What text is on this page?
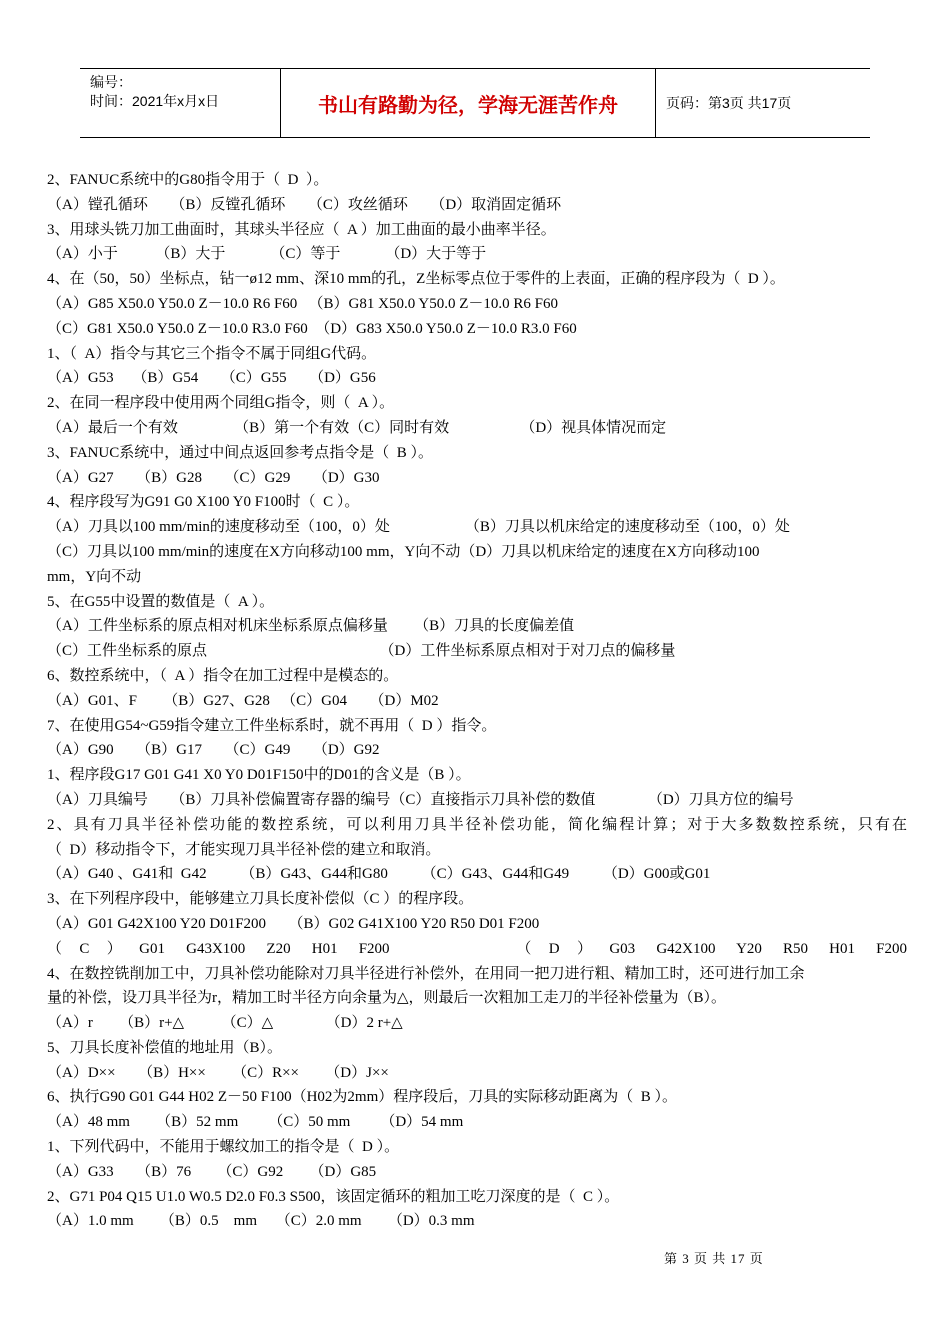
编号：
时间：2021年x月x日	书山有路勤为径，学海无涯苦作舟	页码：第3页 共17页
2、FANUC系统中的G80指令用于（  D  ）。
（A）镗孔循环      （B）反镗孔循环      （C）攻丝循环      （D）取消固定循环
3、用球头铣刀加工曲面时，其球头半径应（  A ）加工曲面的最小曲率半径。
（A）小于          （B）大于            （C）等于            （D）大于等于
4、在（50，50）坐标点，钻一ø12 mm、深10 mm的孔，Z坐标零点位于零件的上表面，正确的程序段为（  D ）。
（A）G85 X50.0 Y50.0 Z－10.0 R6 F60   （B）G81 X50.0 Y50.0 Z－10.0 R6 F60
（C）G81 X50.0 Y50.0 Z－10.0 R3.0 F60  （D）G83 X50.0 Y50.0 Z－10.0 R3.0 F60
1、（  A）指令与其它三个指令不属于同组G代码。
（A）G53     （B）G54      （C）G55      （D）G56
2、在同一程序段中使用两个同组G指令，则（  A ）。
（A）最后一个有效               （B）第一个有效（C）同时有效                   （D）视具体情况而定
3、FANUC系统中，通过中间点返回参考点指令是（  B ）。
（A）G27      （B）G28      （C）G29      （D）G30
4、程序段写为G91 G0 X100 Y0 F100时（  C ）。
（A）刀具以100 mm/min的速度移动至（100，0）处                    （B）刀具以机床给定的速度移动至（100，0）处
（C）刀具以100 mm/min的速度在X方向移动100 mm，Y向不动（D）刀具以机床给定的速度在X方向移动100
mm，Y向不动
5、在G55中设置的数值是（  A ）。
（A）工件坐标系的原点相对机床坐标系原点偏移量       （B）刀具的长度偏差值
（C）工件坐标系的原点                                              （D）工件坐标系原点相对于对刀点的偏移量
6、数控系统中，（  A ）指令在加工过程中是模态的。
（A）G01、F       （B）G27、G28   （C）G04      （D）M02
7、在使用G54~G59指令建立工件坐标系时，就不再用（  D ）指令。
（A）G90      （B）G17      （C）G49      （D）G92
1、程序段G17 G01 G41 X0 Y0 D01F150中的D01的含义是（B ）。
（A）刀具编号      （B）刀具补偿偏置寄存器的编号（C）直接指示刀具补偿的数值              （D）刀具方位的编号
2、具有刀具半径补偿功能的数控系统，可以利用刀具半径补偿功能，简化编程计算；对于大多数数控系统，只有在
（  D）移动指令下，才能实现刀具半径补偿的建立和取消。
（A）G40 、G41和  G42         （B）G43、G44和G80         （C）G43、G44和G49         （D）G00或G01
3、在下列程序段中，能够建立刀具长度补偿似（C ）的程序段。
（A）G01 G42X100 Y20 D01F200      （B）G02 G41X100 Y20 R50 D01 F200
（C）G01 G43X100 Z20 H01 F200      （D）G03 G42X100 Y20 R50 H01 F200
4、在数控铣削加工中，刀具补偿功能除对刀具半径进行补偿外，在用同一把刀进行粗、精加工时，还可进行加工余
量的补偿，设刀具半径为r，精加工时半径方向余量为△，则最后一次粗加工走刀的半径补偿量为（B）。
（A）r       （B）r+△          （C）△              （D）2 r+△
5、刀具长度补偿值的地址用（B）。
（A）D××      （B）H××       （C）R××       （D）J××
6、执行G90 G01 G44 H02 Z－50 F100（H02为2mm）程序段后，刀具的实际移动距离为（  B ）。
（A）48 mm       （B）52 mm        （C）50 mm        （D）54 mm
1、下列代码中，不能用于螺纹加工的指令是（  D ）。
（A）G33      （B）76       （C）G92       （D）G85
2、G71 P04 Q15 U1.0 W0.5 D2.0 F0.3 S500，该固定循环的粗加工吃刀深度的是（  C ）。
（A）1.0 mm       （B）0.5    mm     （C）2.0 mm       （D）0.3 mm
第 3 页 共 17 页
